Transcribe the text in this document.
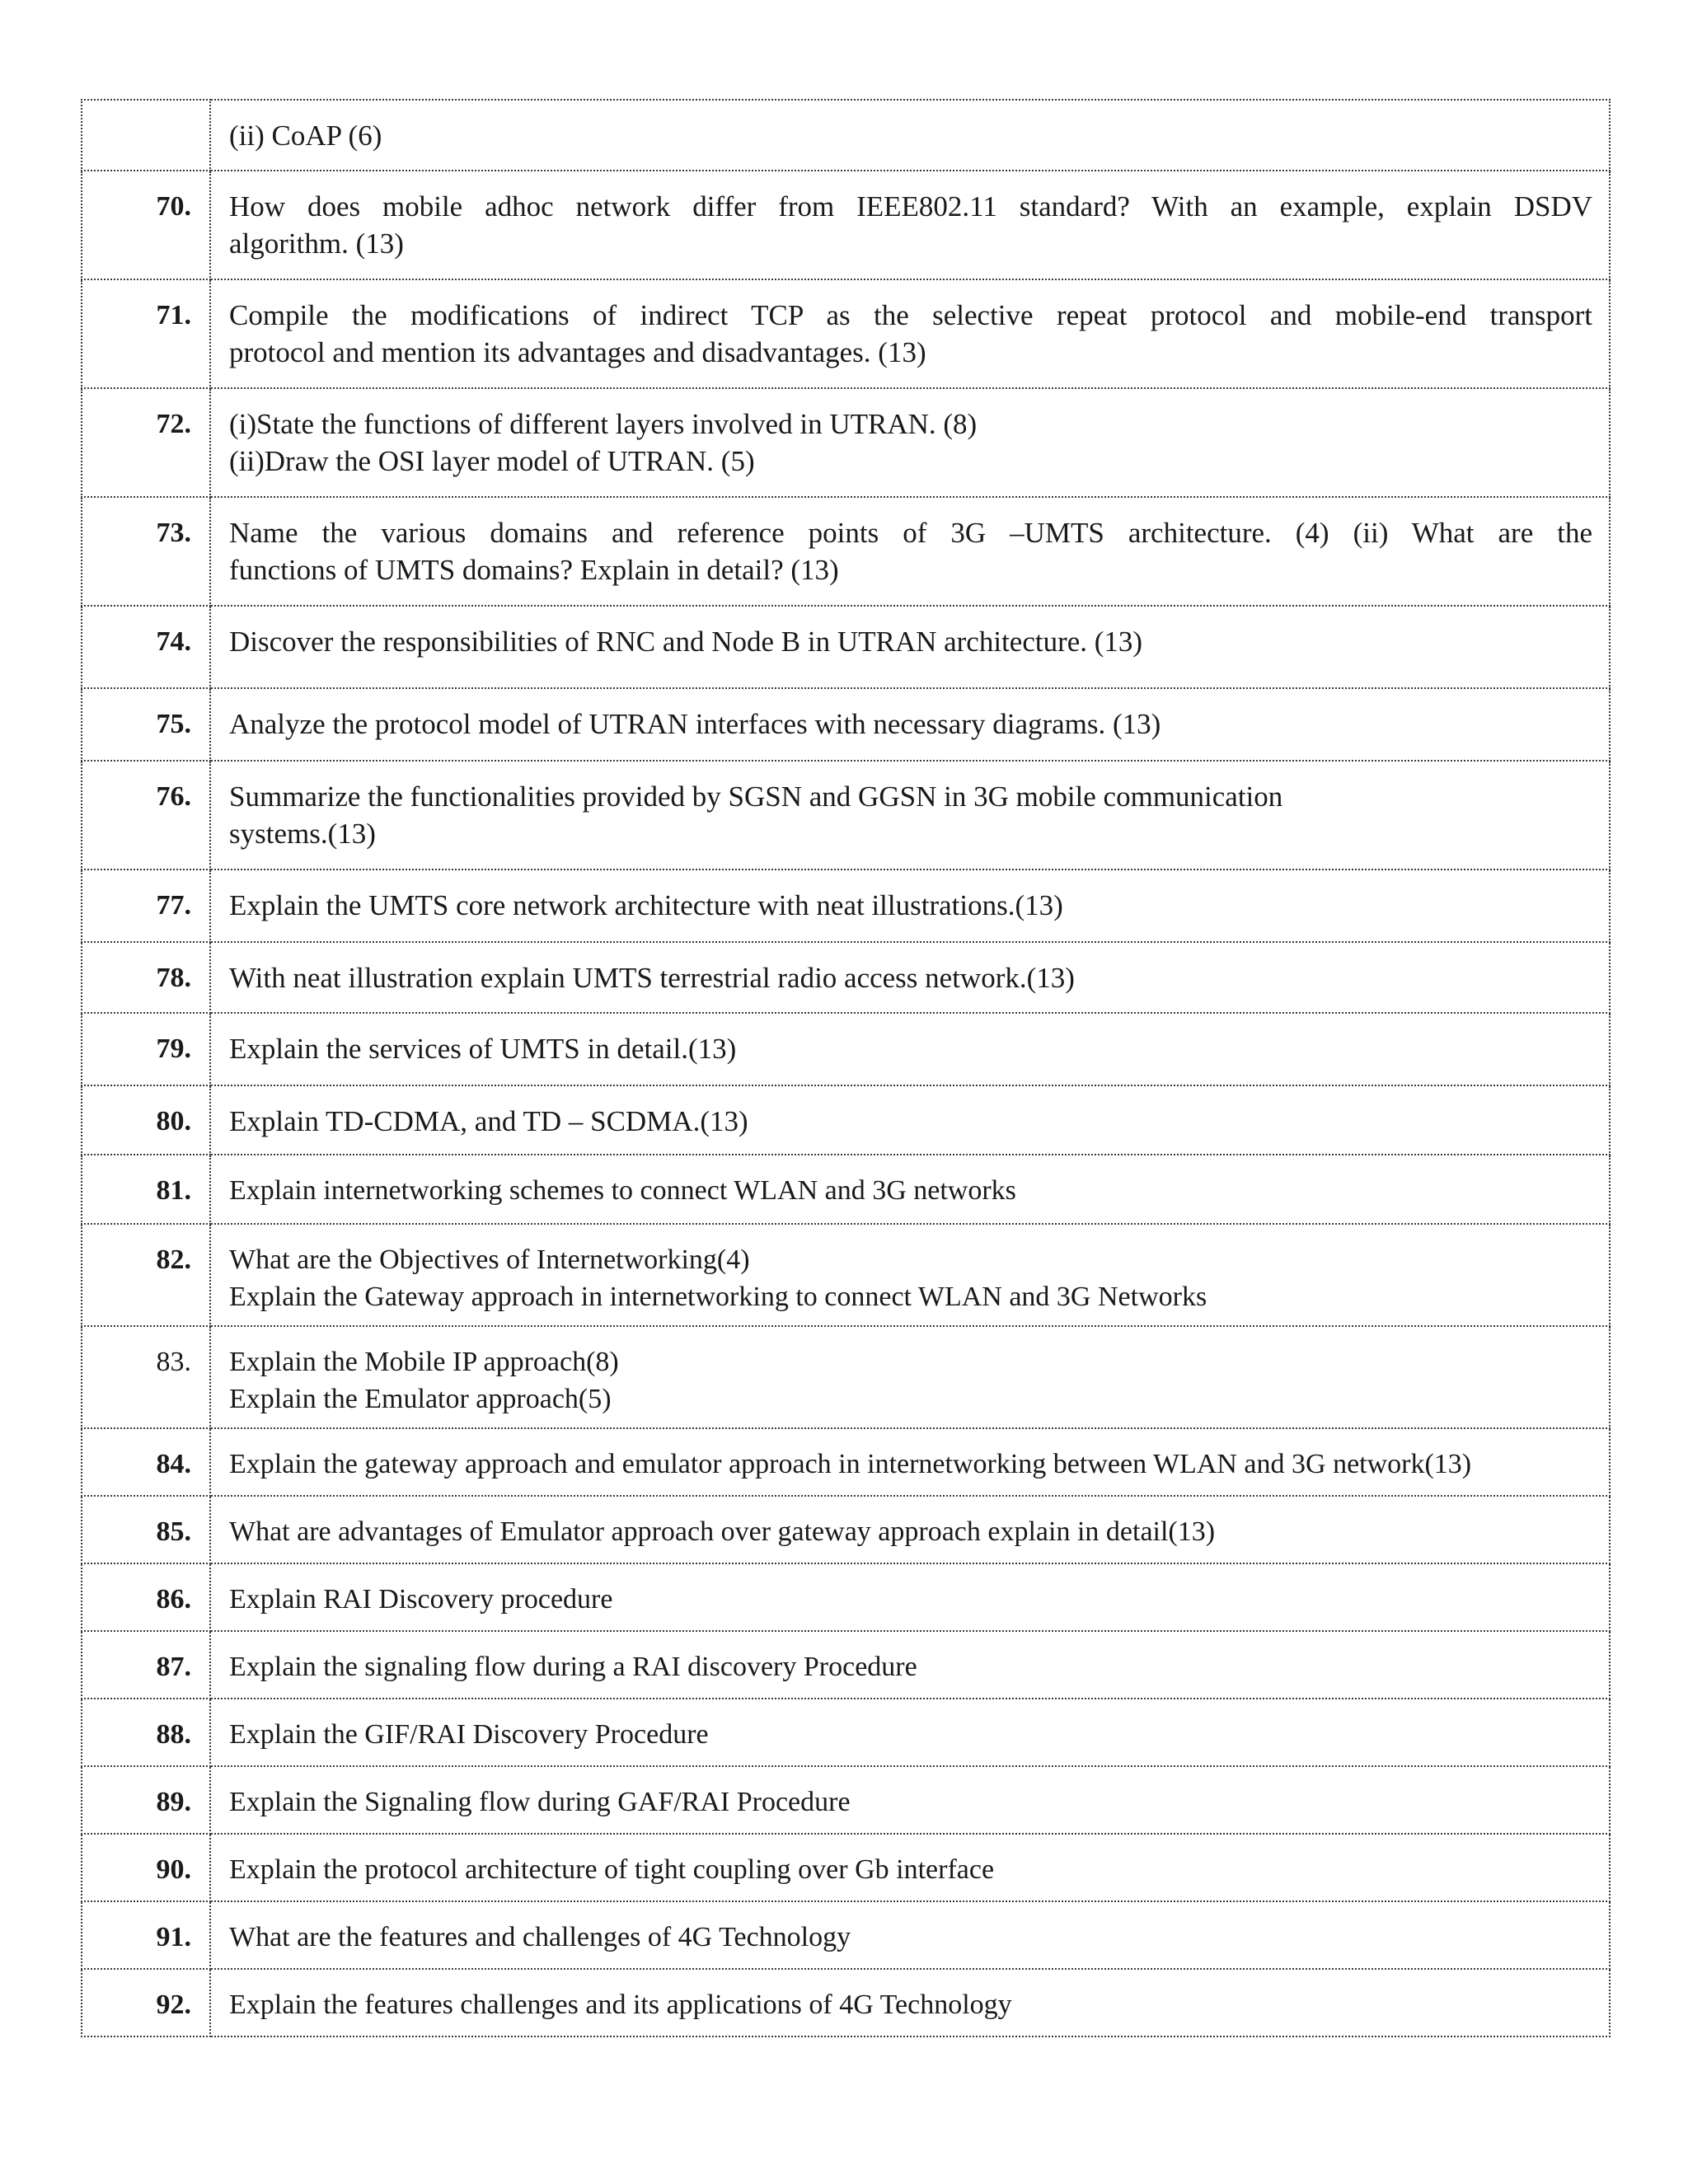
	(ii) CoAP (6)

70.	How does mobile adhoc network differ from IEEE802.11 standard? With an example, explain DSDV
algorithm. (13)

71.	Compile the modifications of indirect TCP as the selective repeat protocol and mobile-end transport
protocol and mention its advantages and disadvantages. (13)

72.	(i)State the functions of different layers involved in UTRAN. (8)
(ii)Draw the OSI layer model of UTRAN. (5)

73.	Name the various domains and reference points of 3G –UMTS architecture. (4) (ii) What are the
functions of UMTS domains? Explain in detail? (13)

74.	Discover the responsibilities of RNC and Node B in UTRAN architecture. (13)

75.	Analyze the protocol model of UTRAN interfaces with necessary diagrams. (13)

76.	Summarize the functionalities provided by SGSN and GGSN in 3G mobile communication
systems.(13)

77.	Explain the UMTS core network architecture with neat illustrations.(13)

78.	With neat illustration explain UMTS terrestrial radio access network.(13)

79.	Explain the services of UMTS in detail.(13)

80.	Explain TD-CDMA, and TD – SCDMA.(13)

81.	Explain internetworking schemes to connect WLAN and 3G networks

82.	What are the Objectives of Internetworking(4)
Explain the Gateway approach in internetworking to connect WLAN and 3G Networks

83.	Explain the Mobile IP approach(8)
Explain the Emulator approach(5)

84.	Explain the gateway approach and emulator approach in internetworking between WLAN and 3G network(13)

85.	What are advantages of Emulator approach over gateway approach explain in detail(13)

86.	Explain RAI Discovery procedure

87.	Explain the signaling flow during a RAI discovery Procedure

88.	Explain the GIF/RAI Discovery Procedure

89.	Explain the Signaling flow during GAF/RAI Procedure

90.	Explain the protocol architecture of tight coupling over Gb interface

91.	What are the features and challenges of 4G Technology

92.	Explain the features challenges and its applications of 4G Technology
